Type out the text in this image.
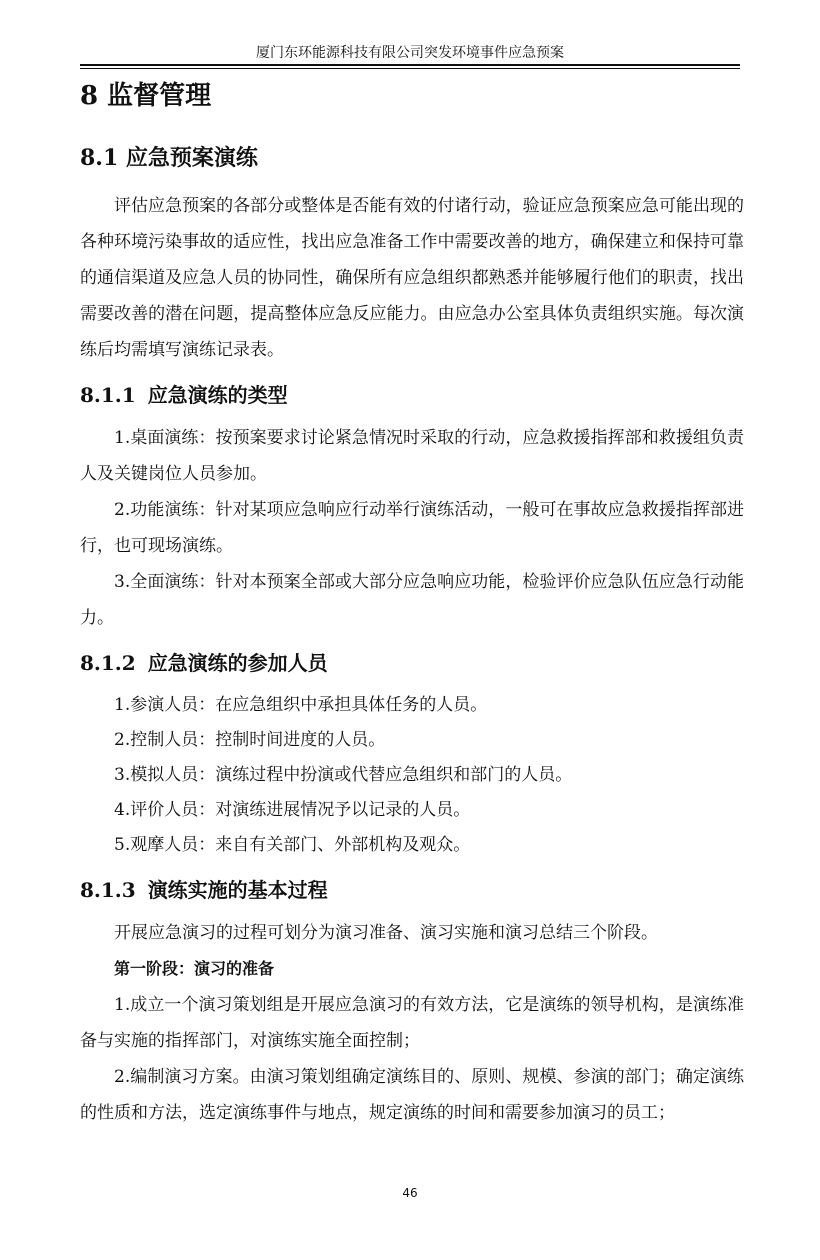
厦门东环能源科技有限公司突发环境事件应急预案
8 监督管理
8.1 应急预案演练

评估应急预案的各部分或整体是否能有效的付诸行动，验证应急预案应急可能出现的各种环境污染事故的适应性，找出应急准备工作中需要改善的地方，确保建立和保持可靠的通信渠道及应急人员的协同性，确保所有应急组织都熟悉并能够履行他们的职责，找出需要改善的潜在问题，提高整体应急反应能力。由应急办公室具体负责组织实施。每次演练后均需填写演练记录表。

8.1.1 应急演练的类型

1.桌面演练：按预案要求讨论紧急情况时采取的行动，应急救援指挥部和救援组负责人及关键岗位人员参加。

2.功能演练：针对某项应急响应行动举行演练活动，一般可在事故应急救援指挥部进行，也可现场演练。

3.全面演练：针对本预案全部或大部分应急响应功能，检验评价应急队伍应急行动能力。

8.1.2 应急演练的参加人员

1.参演人员：在应急组织中承担具体任务的人员。

2.控制人员：控制时间进度的人员。

3.模拟人员：演练过程中扮演或代替应急组织和部门的人员。

4.评价人员：对演练进展情况予以记录的人员。

5.观摩人员：来自有关部门、外部机构及观众。

8.1.3 演练实施的基本过程

开展应急演习的过程可划分为演习准备、演习实施和演习总结三个阶段。

第一阶段：演习的准备

1.成立一个演习策划组是开展应急演习的有效方法，它是演练的领导机构，是演练准备与实施的指挥部门，对演练实施全面控制；

2.编制演习方案。由演习策划组确定演练目的、原则、规模、参演的部门；确定演练的性质和方法，选定演练事件与地点，规定演练的时间和需要参加演习的员工；

46
